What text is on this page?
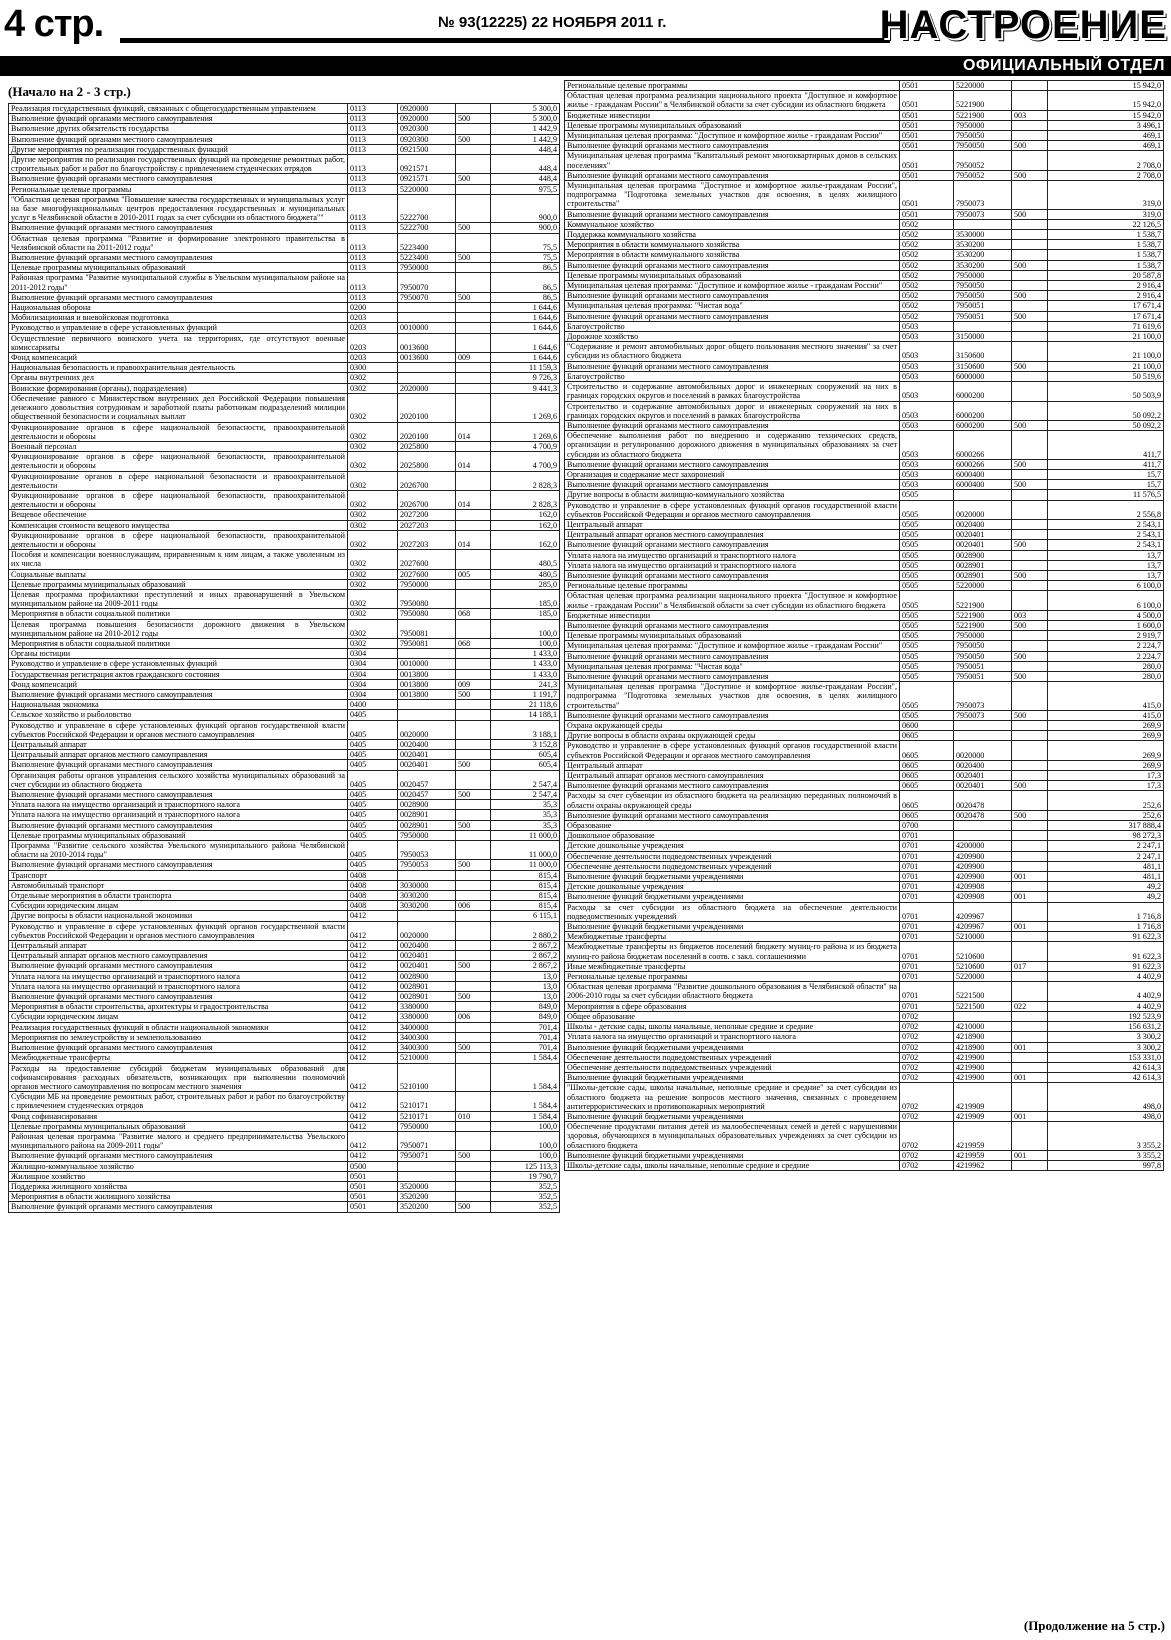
4 стр.	№ 93(12225) 22 НОЯБРЯ 2011 г.	НАСТРОЕНИЕ
ОФИЦИАЛЬНЫЙ ОТДЕЛ
(Начало на 2 - 3 стр.)
Реализация государственных функций, связанных с общегосударственным управлением	0113	0920000		5 300,0
Выполнение функций органами местного самоуправления	0113	0920000	500	5 300,0
Выполнение других обязательств государства	0113	0920300		1 442,9
Выполнение функций органами местного самоуправления	0113	0920300	500	1 442,9
Другие мероприятия по реализации государственных функций	0113	0921500		448,4
Другие мероприятия по реализации государственных функций на проведение ремонтных работ, строительных работ и работ по благоустройству с привлечением студенческих отрядов	0113	0921571		448,4
Выполнение функций органами местного самоуправления	0113	0921571	500	448,4
Региональные целевые программы	0113	5220000		975,5
"Областная целевая программа "Повышение качества государственных и муниципальных услуг на базе многофункциональных центров предоставления государственных и муниципальных услуг в Челябинской области в 2010-2011 годах за счет субсидии из областного бюджета""	0113	5222700		900,0
Выполнение функций органами местного самоуправления	0113	5222700	500	900,0
Областная целевая программа "Развитие и формирование электронного правительства в Челябинской области на 2011-2012 годы"	0113	5223400		75,5
Выполнение функций органами местного самоуправления	0113	5223400	500	75,5
Целевые программы муниципальных образований	0113	7950000		86,5
Районная программа "Развитие муниципальной службы в Увельском муниципальном районе на 2011-2012 годы"	0113	7950070		86,5
Выполнение функций органами местного самоуправления	0113	7950070	500	86,5
Национальная оборона	0200			1 644,6
Мобилизационная и вневойсковая подготовка	0203			1 644,6
Руководство и управление в сфере установленных функций	0203	0010000		1 644,6
Осуществление первичного воинского учета на территориях, где отсутствуют военные комиссариаты	0203	0013600		1 644,6
Фонд компенсаций	0203	0013600	009	1 644,6
Национальная безопасность и правоохранительная деятельность	0300			11 159,3
Органы внутренних дел	0302			9 726,3
Воинские формирования (органы), подразделения)	0302	2020000		9 441,3
Обеспечение равного с Министерством внутренних дел Российской Федерации повышения денежного довольствия сотрудникам и заработной платы работникам подразделений милиции общественной безопасности и социальных выплат	0302	2020100		1 269,6
Функционирование органов в сфере национальной безопасности, правоохранительной деятельности и обороны	0302	2020100	014	1 269,6
Военный персонал	0302	2025800		4 700,9
Функционирование органов в сфере национальной безопасности, правоохранительной деятельности и обороны	0302	2025800	014	4 700,9
Функционирование органов в сфере национальной безопасности и правоохранительной деятельности	0302	2026700		2 828,3
Функционирование органов в сфере национальной безопасности, правоохранительной деятельности и обороны	0302	2026700	014	2 828,3
Вещевое обеспечение	0302	2027200		162,0
Компенсация стоимости вещевого имущества	0302	2027203		162,0
Функционирование органов в сфере национальной безопасности, правоохранительной деятельности и обороны	0302	2027203	014	162,0
Пособия и компенсации военнослужащим, приравненным к ним лицам, а также уволенным из их числа	0302	2027600		480,5
Социальные выплаты	0302	2027600	005	480,5
Целевые программы муниципальных образований	0302	7950000		285,0
Целевая программа профилактики преступлений и иных правонарушений в Увельском муниципальном районе на 2009-2011 годы	0302	7950080		185,0
Мероприятия в области социальной политики	0302	7950080	068	185,0
Целевая программа повышения безопасности дорожного движения в Увельском муниципальном районе на 2010-2012 годы	0302	7950081		100,0
Мероприятия в области социальной политики	0302	7950081	068	100,0
Органы юстиции	0304			1 433,0
Руководство и управление в сфере установленных функций	0304	0010000		1 433,0
Государственная регистрация актов гражданского состояния	0304	0013800		1 433,0
Фонд компенсаций	0304	0013800	009	241,3
Выполнение функций органами местного самоуправления	0304	0013800	500	1 191,7
Национальная экономика	0400			21 118,6
Сельское хозяйство и рыболовство	0405			14 188,1
Руководство и управление в сфере установленных функций органов государственной власти субъектов Российской Федерации и органов местного самоуправления	0405	0020000		3 188,1
Центральный аппарат	0405	0020400		3 152,8
Центральный аппарат органов местного самоуправления	0405	0020401		605,4
Выполнение функций органами местного самоуправления	0405	0020401	500	605,4
Организация работы органов управления сельского хозяйства муниципальных образований за счет субсидии из областного бюджета	0405	0020457		2 547,4
Выполнение функций органами местного самоуправления	0405	0020457	500	2 547,4
Уплата налога на имущество организаций и транспортного налога	0405	0028900		35,3
Уплата налога на имущество организаций и транспортного налога	0405	0028901		35,3
Выполнение функций органами местного самоуправления	0405	0028901	500	35,3
Целевые программы муниципальных образований	0405	7950000		11 000,0
Программа "Развитие сельского хозяйства Увельского муниципального района Челябинской области на 2010-2014 годы"	0405	7950053		11 000,0
Выполнение функций органами местного самоуправления	0405	7950053	500	11 000,0
Транспорт	0408			815,4
Автомобильный транспорт	0408	3030000		815,4
Отдельные мероприятия в области транспорта	0408	3030200		815,4
Субсидии юридическим лицам	0408	3030200	006	815,4
Другие вопросы в области национальной экономики	0412			6 115,1
Руководство и управление в сфере установленных функций органов государственной власти субъектов Российской Федерации и органов местного самоуправления	0412	0020000		2 880,2
Центральный аппарат	0412	0020400		2 867,2
Центральный аппарат органов местного самоуправления	0412	0020401		2 867,2
Выполнение функций органами местного самоуправления	0412	0020401	500	2 867,2
Уплата налога на имущество организаций и транспортного налога	0412	0028900		13,0
Уплата налога на имущество организаций и транспортного налога	0412	0028901		13,0
Выполнение функций органами местного самоуправления	0412	0028901	500	13,0
Мероприятия в области строительства, архитектуры и градостроительства	0412	3380000		849,0
Субсидии юридическим лицам	0412	3380000	006	849,0
Реализация государственных функций в области национальной экономики	0412	3400000		701,4
Мероприятия по землеустройству и землепользованию	0412	3400300		701,4
Выполнение функций органами местного самоуправления	0412	3400300	500	701,4
Межбюджетные трансферты	0412	5210000		1 584,4
Расходы на предоставление субсидий бюджетам муниципальных образований для софинансирования расходных обязательств, возникающих при выполнении полномочий органов местного самоуправления по вопросам местного значения	0412	5210100		1 584,4
Субсидии МБ на проведение ремонтных работ, строительных работ и работ по благоустройству с привлечением студенческих отрядов	0412	5210171		1 584,4
Фонд софинансирования	0412	5210171	010	1 584,4
Целевые программы муниципальных образований	0412	7950000		100,0
Районная целевая программа "Развитие малого и среднего предпринимательства Увельского муниципального района на 2009-2011 годы"	0412	7950071		100,0
Выполнение функций органами местного самоуправления	0412	7950071	500	100,0
Жилищно-коммунальное хозяйство	0500			125 113,3
Жилищное хозяйство	0501			19 790,7
Поддержка жилищного хозяйства	0501	3520000		352,5
Мероприятия в области жилищного хозяйства	0501	3520200		352,5
Выполнение функций органами местного самоуправления	0501	3520200	500	352,5
Региональные целевые программы	0501	5220000		15 942,0
Областная целевая программа реализации национального проекта "Доступное и комфортное жилье - гражданам России" в Челябинской области за счет субсидии из областного бюджета	0501	5221900		15 942,0
Бюджетные инвестиции	0501	5221900	003	15 942,0
Целевые программы муниципальных образований	0501	7950000		3 496,1
Муниципальная целевая программа: "Доступное и комфортное жилье - гражданам России"	0501	7950050		469,1
Выполнение функций органами местного самоуправления	0501	7950050	500	469,1
Муниципальная целевая программа "Капитальный ремонт многоквартирных домов в сельских поселениях"	0501	7950052		2 708,0
Выполнение функций органами местного самоуправления	0501	7950052	500	2 708,0
Муниципальная целевая программа "Доступное и комфортное жилье-гражданам России", подпрограмма "Подготовка земельных участков для освоения, в целях жилищного строительства"	0501	7950073		319,0
Выполнение функций органами местного самоуправления	0501	7950073	500	319,0
Коммунальное хозяйство	0502			22 126,5
Поддержка коммунального хозяйства	0502	3530000		1 538,7
Мероприятия в области коммунального хозяйства	0502	3530200		1 538,7
Мероприятия в области коммунального хозяйства	0502	3530200		1 538,7
Выполнение функций органами местного самоуправления	0502	3530200	500	1 538,7
Целевые программы муниципальных образований	0502	7950000		20 587,8
Муниципальная целевая программа: "Доступное и комфортное жилье - гражданам России"	0502	7950050		2 916,4
Выполнение функций органами местного самоуправления	0502	7950050	500	2 916,4
Муниципальная целевая программа: "Чистая вода"	0502	7950051		17 671,4
Выполнение функций органами местного самоуправления	0502	7950051	500	17 671,4
Благоустройство	0503			71 619,6
Дорожное хозяйство	0503	3150000		21 100,0
"Содержание и ремонт автомобильных дорог общего пользования местного значения" за счет субсидии из областного бюджета	0503	3150600		21 100,0
Выполнение функций органами местного самоуправления	0503	3150600	500	21 100,0
Благоустройство	0503	6000000		50 519,6
Строительство и содержание автомобильных дорог и инженерных сооружений на них в границах городских округов и поселений в рамках благоустройства	0503	6000200		50 503,9
Строительство и содержание автомобильных дорог и инженерных сооружений на них в границах городских округов и поселений в рамках благоустройства	0503	6000200		50 092,2
Выполнение функций органами местного самоуправления	0503	6000200	500	50 092,2
Обеспечение выполнения работ по внедрению и содержанию технических средств, организации и регулированию дорожного движения в муниципальных образованиях за счет субсидии из областного бюджета	0503	6000266		411,7
Выполнение функций органами местного самоуправления	0503	6000266	500	411,7
Организация и содержание мест захоронений	0503	6000400		15,7
Выполнение функций органами местного самоуправления	0503	6000400	500	15,7
Другие вопросы в области жилищно-коммунального хозяйства	0505			11 576,5
Руководство и управление в сфере установленных функций органов государственной власти субъектов Российской Федерации и органов местного самоуправления	0505	0020000		2 556,8
Центральный аппарат	0505	0020400		2 543,1
Центральный аппарат органов местного самоуправления	0505	0020401		2 543,1
Выполнение функций органами местного самоуправления	0505	0020401	500	2 543,1
Уплата налога на имущество организаций и транспортного налога	0505	0028900		13,7
Уплата налога на имущество организаций и транспортного налога	0505	0028901		13,7
Выполнение функций органами местного самоуправления	0505	0028901	500	13,7
Региональные целевые программы	0505	5220000		6 100,0
Областная целевая программа реализации национального проекта "Доступное и комфортное жилье - гражданам России" в Челябинской области за счет субсидии из областного бюджета	0505	5221900		6 100,0
Бюджетные инвестиции	0505	5221900	003	4 500,0
Выполнение функций органами местного самоуправления	0505	5221900	500	1 600,0
Целевые программы муниципальных образований	0505	7950000		2 919,7
Муниципальная целевая программа: "Доступное и комфортное жилье - гражданам России"	0505	7950050		2 224,7
Выполнение функций органами местного самоуправления	0505	7950050	500	2 224,7
Муниципальная целевая программа: "Чистая вода"	0505	7950051		280,0
Выполнение функций органами местного самоуправления	0505	7950051	500	280,0
Муниципальная целевая программа "Доступное и комфортное жилье-гражданам России", подпрограмма "Подготовка земельных участков для освоения, в целях жилищного строительства"	0505	7950073		415,0
Выполнение функций органами местного самоуправления	0505	7950073	500	415,0
Охрана окружающей среды	0600			269,9
Другие вопросы в области охраны окружающей среды	0605			269,9
Руководство и управление в сфере установленных функций органов государственной власти субъектов Российской Федерации и органов местного самоуправления	0605	0020000		269,9
Центральный аппарат	0605	0020400		269,9
Центральный аппарат органов местного самоуправления	0605	0020401		17,3
Выполнение функций органами местного самоуправления	0605	0020401	500	17,3
Расходы за счет субвенции из областного бюджета на реализацию переданных полномочий в области охраны окружающей среды	0605	0020478		252,6
Выполнение функций органами местного самоуправления	0605	0020478	500	252,6
Образование	0700			317 888,4
Дошкольное образование	0701			98 272,3
Детские дошкольные учреждения	0701	4200000		2 247,1
Обеспечение деятельности подведомственных учреждений	0701	4209900		2 247,1
Обеспечение деятельности подведомственных учреждений	0701	4209900		481,1
Выполнение функций бюджетными учреждениями	0701	4209900	001	481,1
Детские дошкольные учреждения	0701	4209908		49,2
Выполнение функций бюджетными учреждениями	0701	4209908	001	49,2
Расходы за счет субсидии из областного бюджета на обеспечение деятельности подведомственных учреждений	0701	4209967		1 716,8
Выполнение функций бюджетными учреждениями	0701	4209967	001	1 716,8
Межбюджетные трансферты	0701	5210000		91 622,3
Межбюджетные трансферты из бюджетов поселений бюджету муниц-го района и из бюджета муниц-го района бюджетам поселений в соотв. с закл. соглашениями	0701	5210600		91 622,3
Иные межбюджетные трансферты	0701	5210600	017	91 622,3
Региональные целевые программы	0701	5220000		4 402,9
Областная целевая программа "Развитие дошкольного образования в Челябинской области" на 2006-2010 годы за счет субсидии областного бюджета	0701	5221500		4 402,9
Мероприятия в сфере образования	0701	5221500	022	4 402,9
Общее образование	0702			192 523,9
Школы - детские сады, школы начальные, неполные средние и средние	0702	4210000		156 631,2
Уплата налога на имущество организаций и транспортного налога	0702	4218900		3 300,2
Выполнение функций бюджетными учреждениями	0702	4218900	001	3 300,2
Обеспечение деятельности подведомственных учреждений	0702	4219900		153 331,0
Обеспечение деятельности подведомственных учреждений	0702	4219900		42 614,3
Выполнение функций бюджетными учреждениями	0702	4219900	001	42 614,3
"Школы-детские сады, школы начальные, неполные средние и средние" за счет субсидии из областного бюджета на решение вопросов местного значения, связанных с проведением антитеррористических и противопожарных мероприятий	0702	4219909		498,0
Выполнение функций бюджетными учреждениями	0702	4219909	001	498,0
Обеспечение продуктами питания детей из малообеспеченных семей и детей с нарушениями здоровья, обучающихся в муниципальных образовательных учреждениях за счет субсидии из областного бюджета	0702	4219959		3 355,2
Выполнение функций бюджетными учреждениями	0702	4219959	001	3 355,2
Школы-детские сады, школы начальные, неполные средние и средние	0702	4219962		997,8
(Продолжение на 5 стр.)
